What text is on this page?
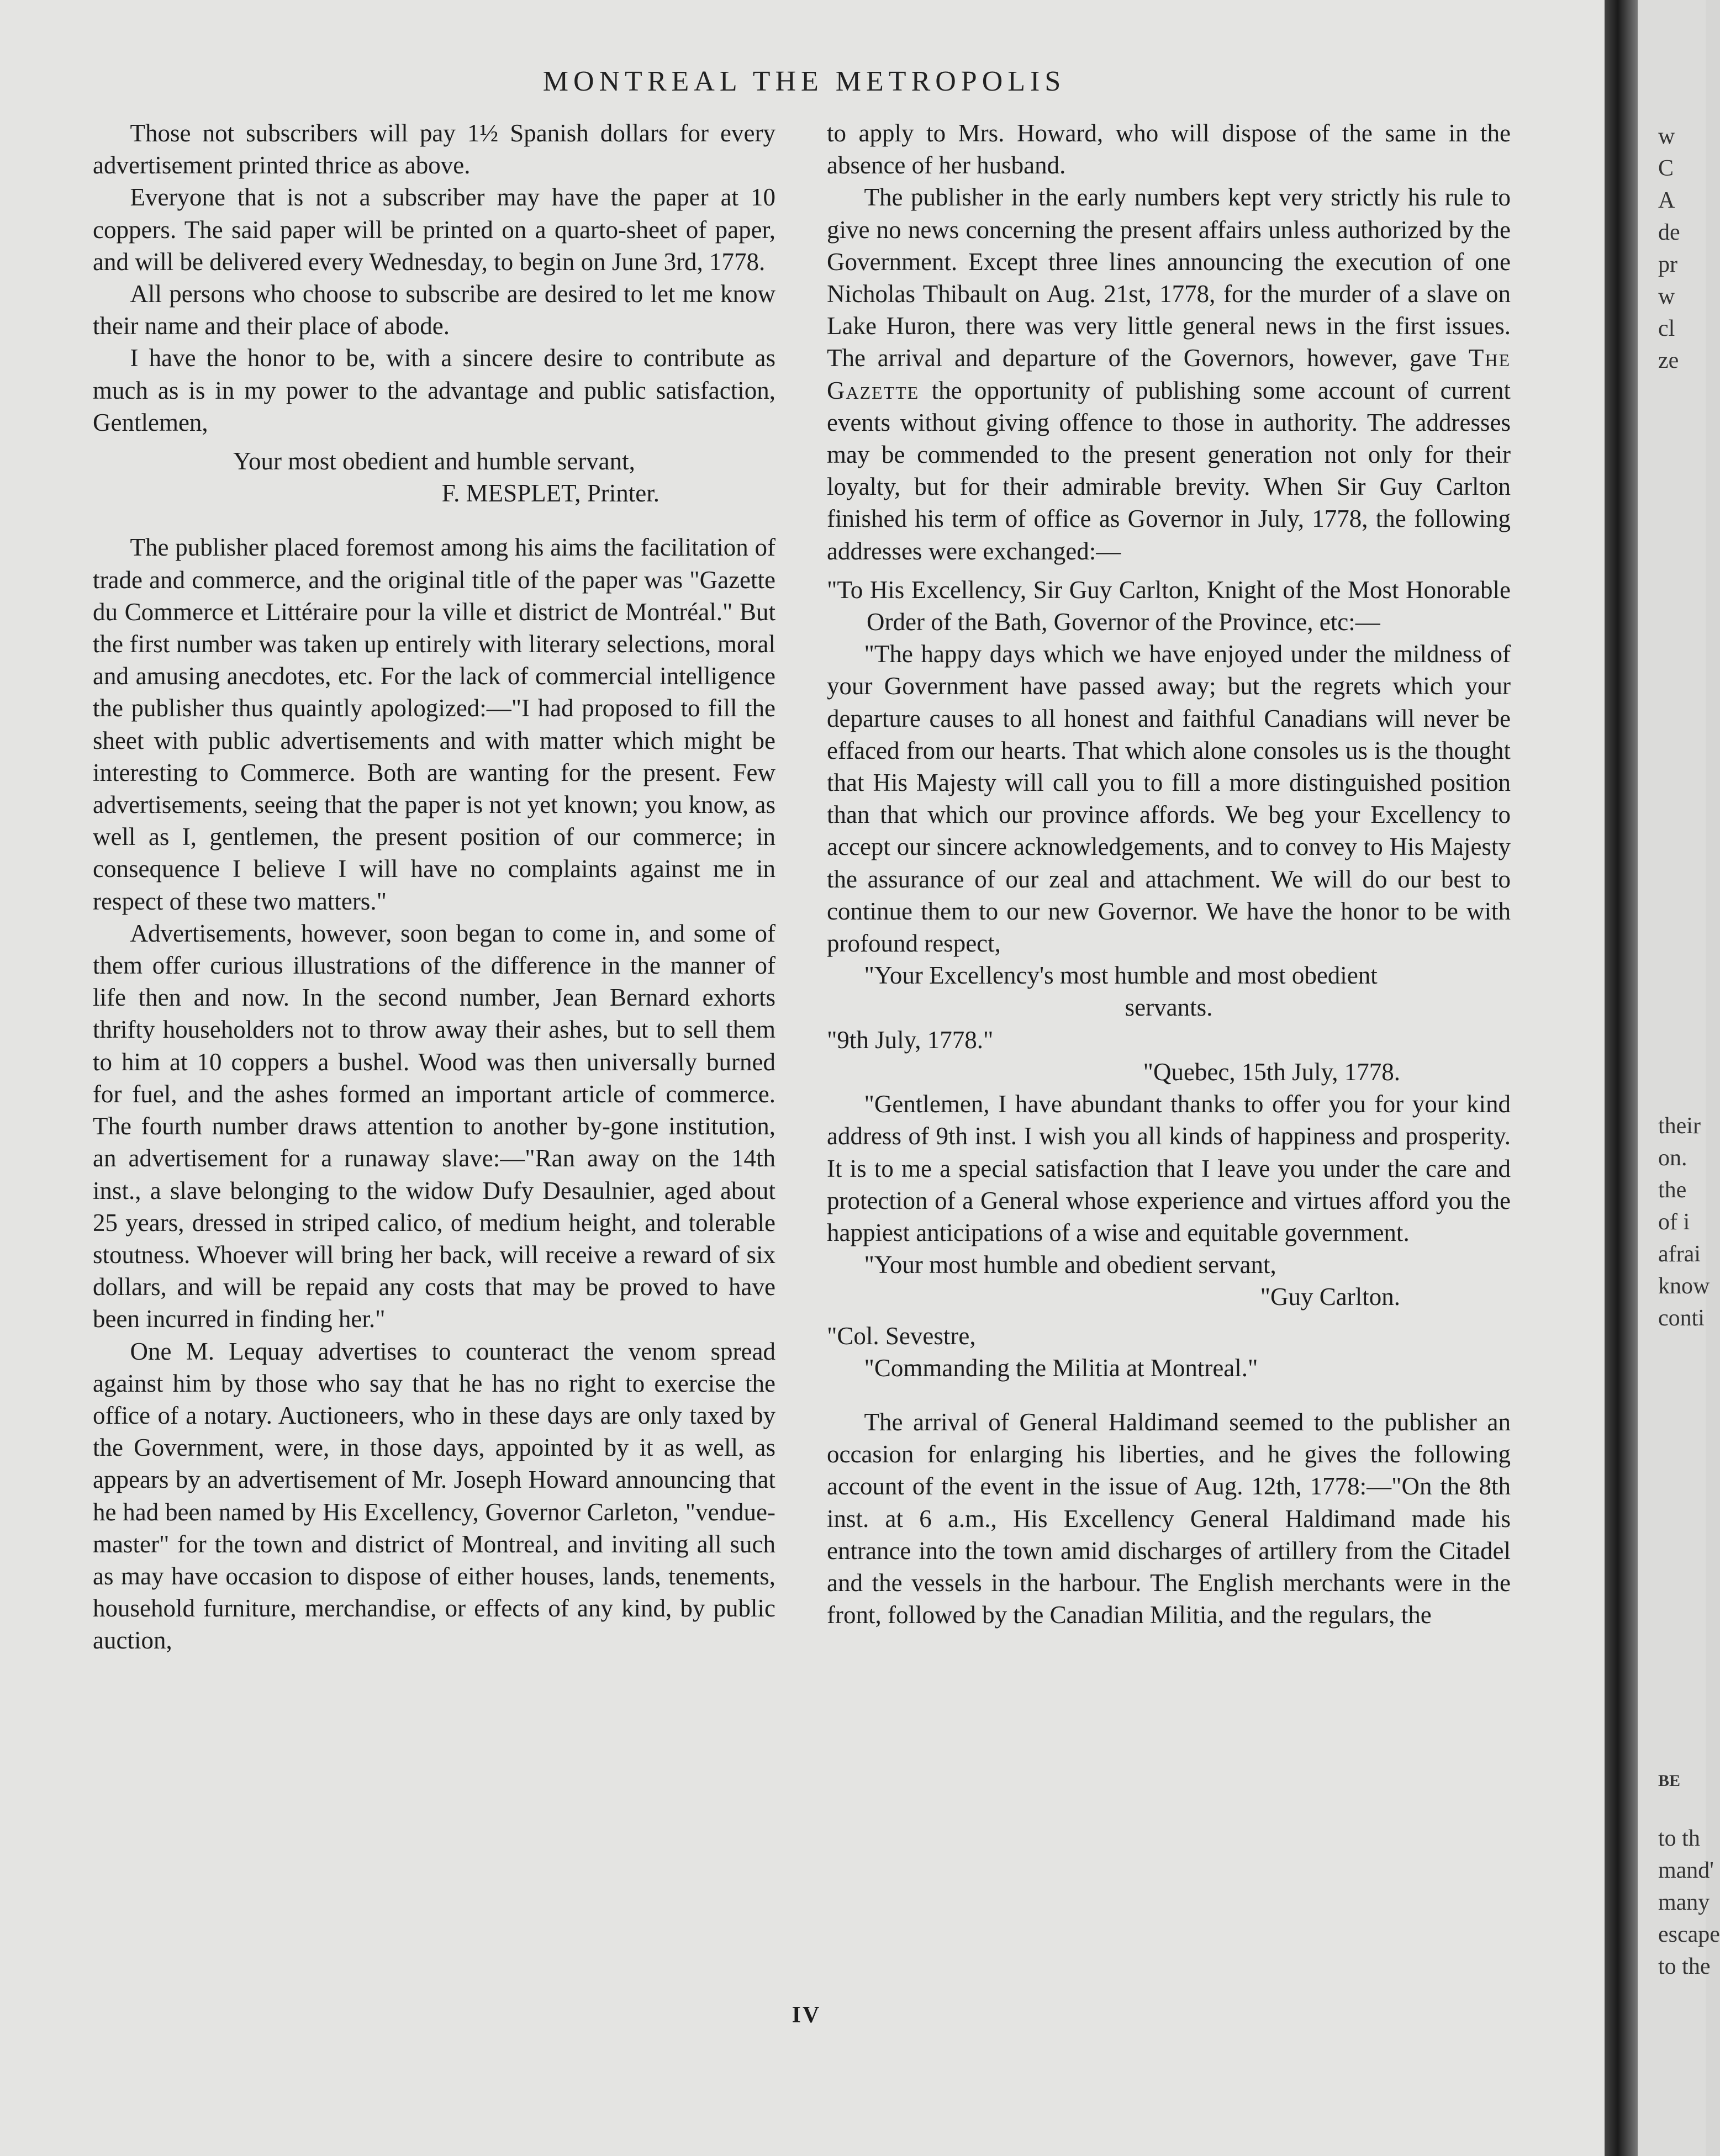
MONTREAL THE METROPOLIS

Those not subscribers will pay 1½ Spanish dollars for every advertisement printed thrice as above.

Everyone that is not a subscriber may have the paper at 10 coppers. The said paper will be printed on a quarto-sheet of paper, and will be delivered every Wednesday, to begin on June 3rd, 1778.

All persons who choose to subscribe are desired to let me know their name and their place of abode.

I have the honor to be, with a sincere desire to contribute as much as is in my power to the advantage and public satisfaction, Gentlemen,

Your most obedient and humble servant,

F. MESPLET, Printer.

The publisher placed foremost among his aims the facilitation of trade and commerce, and the original title of the paper was "Gazette du Commerce et Littéraire pour la ville et district de Montréal." But the first number was taken up entirely with literary selections, moral and amusing anecdotes, etc. For the lack of commercial intelligence the publisher thus quaintly apologized:—"I had proposed to fill the sheet with public advertisements and with matter which might be interesting to Commerce. Both are wanting for the present. Few advertisements, seeing that the paper is not yet known; you know, as well as I, gentlemen, the present position of our commerce; in consequence I believe I will have no complaints against me in respect of these two matters."

Advertisements, however, soon began to come in, and some of them offer curious illustrations of the difference in the manner of life then and now. In the second number, Jean Bernard exhorts thrifty householders not to throw away their ashes, but to sell them to him at 10 coppers a bushel. Wood was then universally burned for fuel, and the ashes formed an important article of commerce. The fourth number draws attention to another by-gone institution, an advertisement for a runaway slave:—"Ran away on the 14th inst., a slave belonging to the widow Dufy Desaulnier, aged about 25 years, dressed in striped calico, of medium height, and tolerable stoutness. Whoever will bring her back, will receive a reward of six dollars, and will be repaid any costs that may be proved to have been incurred in finding her."

One M. Lequay advertises to counteract the venom spread against him by those who say that he has no right to exercise the office of a notary. Auctioneers, who in these days are only taxed by the Government, were, in those days, appointed by it as well, as appears by an advertisement of Mr. Joseph Howard announcing that he had been named by His Excellency, Governor Carleton, "vendue-master" for the town and district of Montreal, and inviting all such as may have occasion to dispose of either houses, lands, tenements, household furniture, merchandise, or effects of any kind, by public auction,

to apply to Mrs. Howard, who will dispose of the same in the absence of her husband.

The publisher in the early numbers kept very strictly his rule to give no news concerning the present affairs unless authorized by the Government. Except three lines announcing the execution of one Nicholas Thibault on Aug. 21st, 1778, for the murder of a slave on Lake Huron, there was very little general news in the first issues. The arrival and departure of the Governors, however, gave The Gazette the opportunity of publishing some account of current events without giving offence to those in authority. The addresses may be commended to the present generation not only for their loyalty, but for their admirable brevity. When Sir Guy Carlton finished his term of office as Governor in July, 1778, the following addresses were exchanged:—

"To His Excellency, Sir Guy Carlton, Knight of the Most Honorable Order of the Bath, Governor of the Province, etc:—

"The happy days which we have enjoyed under the mildness of your Government have passed away; but the regrets which your departure causes to all honest and faithful Canadians will never be effaced from our hearts. That which alone consoles us is the thought that His Majesty will call you to fill a more distinguished position than that which our province affords. We beg your Excellency to accept our sincere acknowledgements, and to convey to His Majesty the assurance of our zeal and attachment. We will do our best to continue them to our new Governor. We have the honor to be with profound respect,

"Your Excellency's most humble and most obedient

servants.

"9th July, 1778."

"Quebec, 15th July, 1778.

"Gentlemen, I have abundant thanks to offer you for your kind address of 9th inst. I wish you all kinds of happiness and prosperity. It is to me a special satisfaction that I leave you under the care and protection of a General whose experience and virtues afford you the happiest anticipations of a wise and equitable government.

"Your most humble and obedient servant,

"Guy Carlton.

"Col. Sevestre,

"Commanding the Militia at Montreal."

The arrival of General Haldimand seemed to the publisher an occasion for enlarging his liberties, and he gives the following account of the event in the issue of Aug. 12th, 1778:—"On the 8th inst. at 6 a.m., His Excellency General Haldimand made his entrance into the town amid discharges of artillery from the Citadel and the vessels in the harbour. The English merchants were in the front, followed by the Canadian Militia, and the regulars, the

IV
w
C
A
de
pr
w
cl
ze
their
on.
the
of i
afrai
know
conti
BE
to th
mand'
many
escape
to the
